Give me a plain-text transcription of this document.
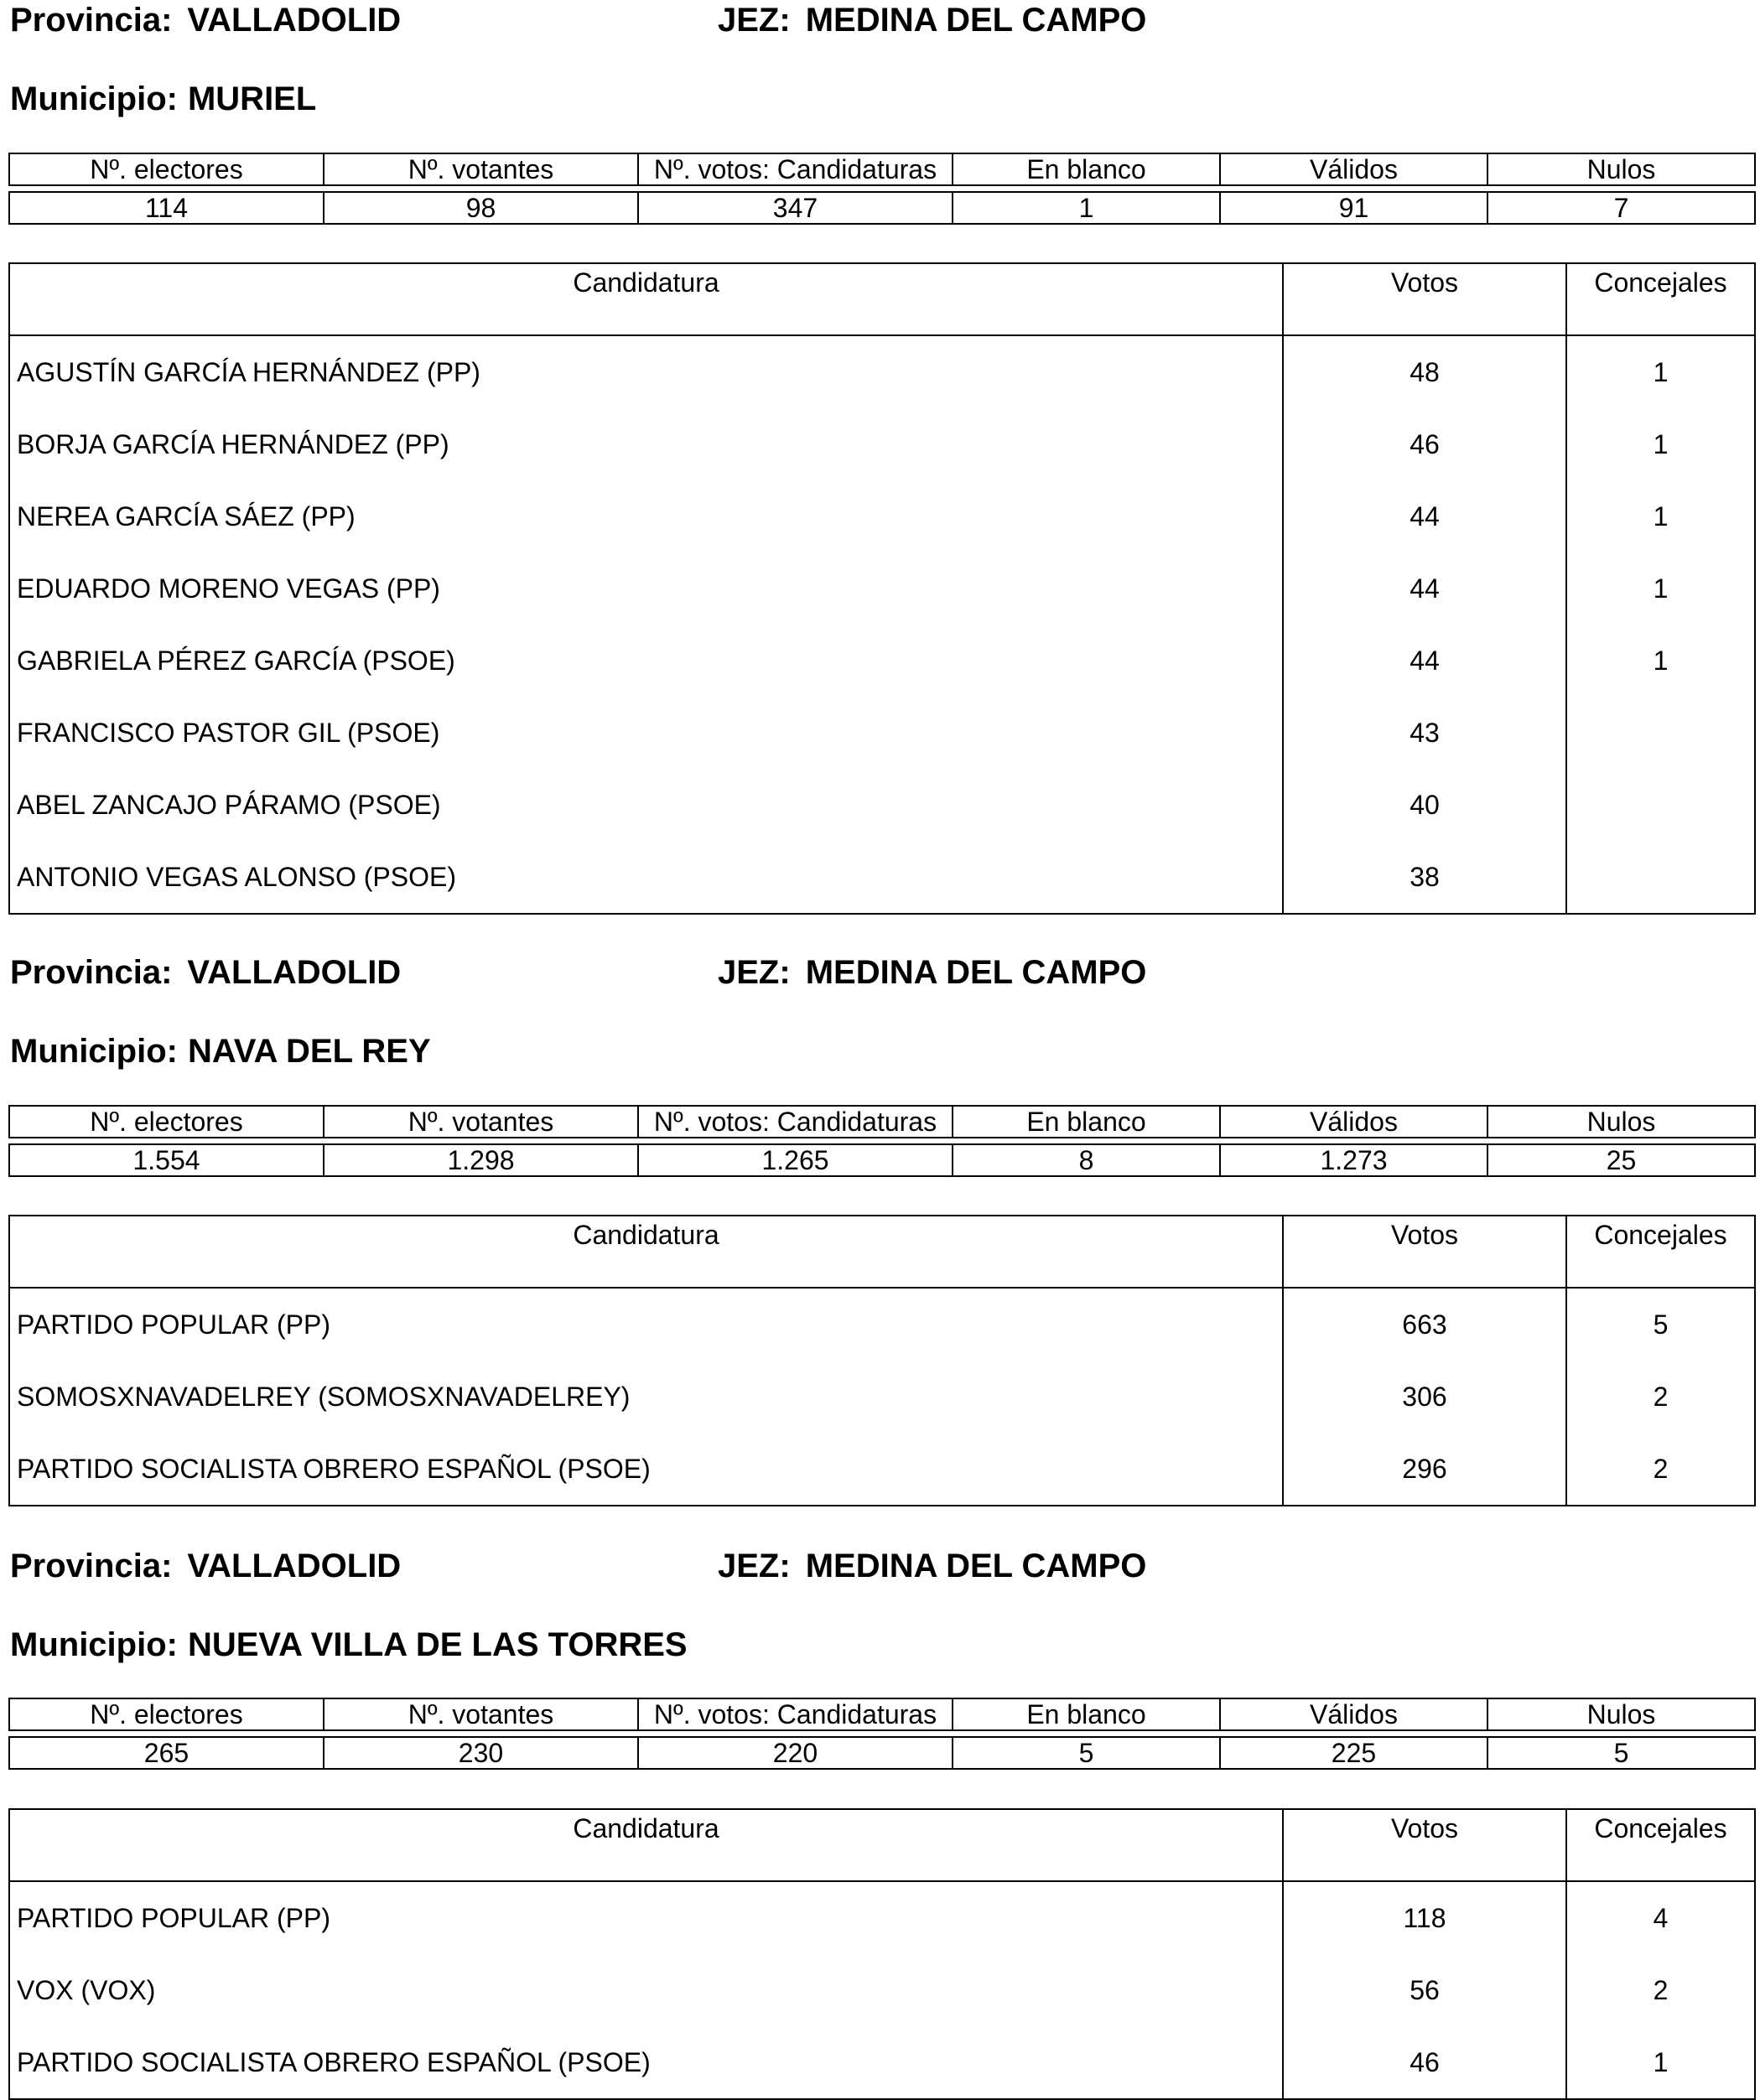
Provincia: VALLADOLID	JEZ: MEDINA DEL CAMPO
Municipio: MURIEL
Nº. electores	Nº. votantes	Nº. votos: Candidaturas	En blanco	Válidos	Nulos

114	98	347	1	91	7
Candidatura	Votos	Concejales
AGUSTÍN GARCÍA HERNÁNDEZ (PP)	48	1
BORJA GARCÍA HERNÁNDEZ (PP)	46	1
NEREA GARCÍA SÁEZ (PP)	44	1
EDUARDO MORENO VEGAS (PP)	44	1
GABRIELA PÉREZ GARCÍA (PSOE)	44	1
FRANCISCO PASTOR GIL (PSOE)	43	
ABEL ZANCAJO PÁRAMO (PSOE)	40	
ANTONIO VEGAS ALONSO (PSOE)	38	
Provincia: VALLADOLID	JEZ: MEDINA DEL CAMPO
Municipio: NAVA DEL REY
Nº. electores	Nº. votantes	Nº. votos: Candidaturas	En blanco	Válidos	Nulos

1.554	1.298	1.265	8	1.273	25
Candidatura	Votos	Concejales
PARTIDO POPULAR (PP)	663	5
SOMOSXNAVADELREY (SOMOSXNAVADELREY)	306	2
PARTIDO SOCIALISTA OBRERO ESPAÑOL (PSOE)	296	2
Provincia: VALLADOLID	JEZ: MEDINA DEL CAMPO
Municipio: NUEVA VILLA DE LAS TORRES
Nº. electores	Nº. votantes	Nº. votos: Candidaturas	En blanco	Válidos	Nulos

265	230	220	5	225	5
Candidatura	Votos	Concejales
PARTIDO POPULAR (PP)	118	4
VOX (VOX)	56	2
PARTIDO SOCIALISTA OBRERO ESPAÑOL (PSOE)	46	1
